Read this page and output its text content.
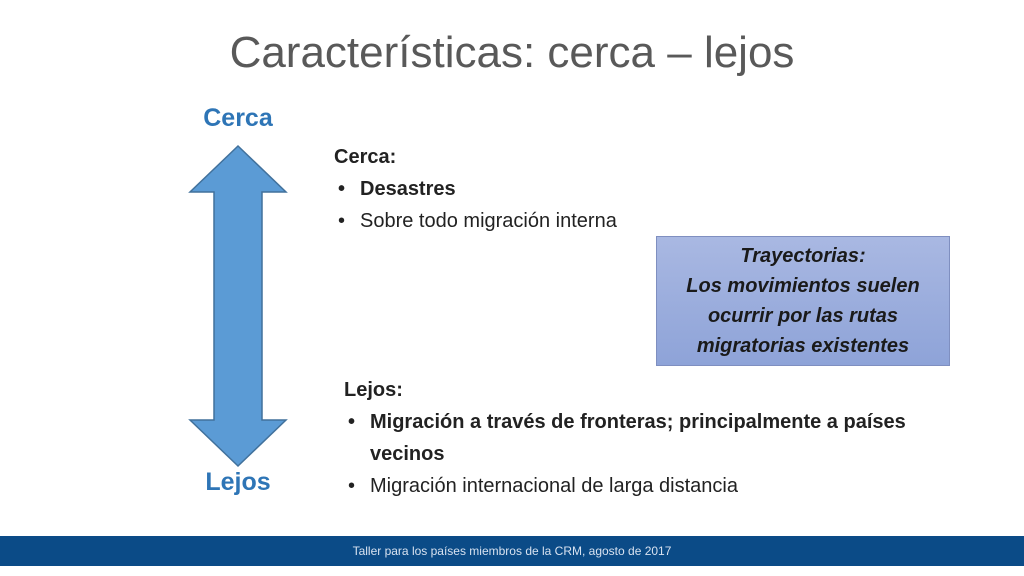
Características: cerca – lejos
Cerca
Lejos
Cerca:
• Desastres
• Sobre todo migración interna
Trayectorias:
Los movimientos suelen ocurrir por las rutas migratorias existentes
Lejos:
• Migración a través de fronteras; principalmente a países vecinos
• Migración internacional de larga distancia
Taller para los países miembros de la CRM, agosto de 2017
